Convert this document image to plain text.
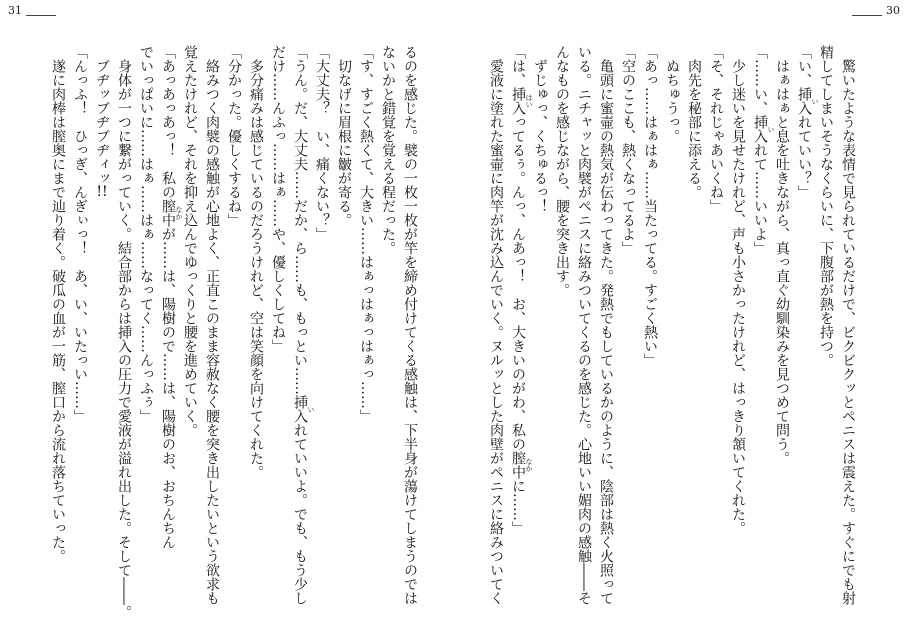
31	30
　驚いたような表情で見られているだけで、ビクビクッとペニスは震えた。すぐにでも射
精してしまいそうなくらいに、下腹部が熱を持つ。
「い、挿入 い
れていい？」
　はぁはぁと息を吐きながら、真っ直ぐ幼馴染みを見つめて問う。
「……い、挿入 い
れて……いいよ」
　少し迷いを見せたけれど、声も小さかったけれど、はっきり頷いてくれた。
「そ、それじゃあいくね」
　肉先を秘部に添える。
　ぬちゅうっ。
「あっ……はぁはぁ……当たってる。すごく熱い」
「空のここも、熱くなってるよ」
　亀頭に蜜壷の熱気が伝わってきた。発熱でもしているかのように、陰部は熱く火照って
いる。ニチャッと肉襞がペニスに絡みついてくるのを感じた。心地いい媚肉の感触――そ
んなものを感じながら、腰を突き出す。
　ずじゅっ、くちゅるっ！
「は、挿入 はい
ってるぅ。んっ、んあっ！　お、大きいのがわ、私の膣中 なか
に……」
　愛液に塗れた蜜壷に肉竿が沈み込んでいく。ヌルッとした肉壁がペニスに絡みついてく
るのを感じた。襞の一枚一枚が竿を締め付けてくる感触は、下半身が蕩けてしまうのでは
ないかと錯覚を覚える程だった。
「す、すごく熱くて、大きい……はぁっはぁっはぁっ……」
　切なげに眉根に皺が寄る。
「大丈夫？　い、痛くない？」
「うん。だ、大丈夫……だか、ら……も、もっとい……挿入 い
れていいよ。でも、もう少し
だけ……んふっ……はぁ……や、優しくしてね」
　多分痛みは感じているのだろうけれど、空は笑顔を向けてくれた。
「分かった。優しくするね」
　絡みつく肉襞の感触が心地よく、正直このまま容赦なく腰を突き出したいという欲求も
覚えたけれど、それを抑え込んでゆっくりと腰を進めていく。
「あっあっあっ！　私の膣中 なか
が……は、陽樹ので……は、陽樹のお、おちんちん
でいっぱいに……はぁ……はぁ……なってく……んっふぅ」
　身体が一つに繋がっていく。結合部からは挿入の圧力で愛液が溢れ出した。そして――。
　ブヂッブヂブヂィッ!!
「んっふ！　ひっぎ、んぎぃっ！　あ、い、いたっい……」
　遂に肉棒は膣奥にまで辿り着く。破瓜の血が一筋、膣口から流れ落ちていった。
